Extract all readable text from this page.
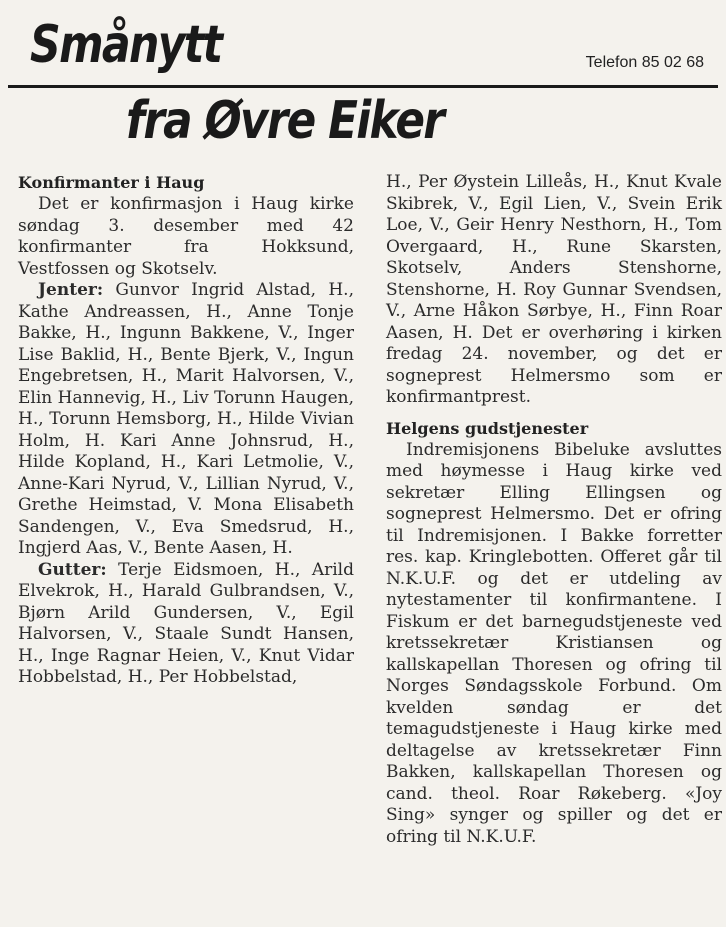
Smånytt	Telefon 85 02 68
fra Øvre Eiker
Konfirmanter i Haug

Det er konfirmasjon i Haug kirke søndag 3. desember med 42 konfirmanter fra Hokksund, Vestfossen og Skotselv.

Jenter: Gunvor Ingrid Alstad, H., Kathe Andreassen, H., Anne Tonje Bakke, H., Ingunn Bakkene, V., Inger Lise Baklid, H., Bente Bjerk, V., Ingun Engebretsen, H., Marit Halvorsen, V., Elin Hannevig, H., Liv Torunn Haugen, H., Torunn Hemsborg, H., Hilde Vivian Holm, H. Kari Anne Johnsrud, H., Hilde Kopland, H., Kari Letmolie, V., Anne-Kari Nyrud, V., Lillian Nyrud, V., Grethe Heimstad, V. Mona Elisabeth Sandengen, V., Eva Smedsrud, H., Ingjerd Aas, V., Bente Aasen, H.

Gutter: Terje Eidsmoen, H., Arild Elvekrok, H., Harald Gulbrandsen, V., Bjørn Arild Gundersen, V., Egil Halvorsen, V., Staale Sundt Hansen, H., Inge Ragnar Heien, V., Knut Vidar Hobbelstad, H., Per Hobbelstad,

H., Per Øystein Lilleås, H., Knut Kvale Skibrek, V., Egil Lien, V., Svein Erik Loe, V., Geir Henry Nesthorn, H., Tom Overgaard, H., Rune Skarsten, Skotselv, Anders Stenshorne, Stenshorne, H. Roy Gunnar Svendsen, V., Arne Håkon Sørbye, H., Finn Roar Aasen, H. Det er overhøring i kirken fredag 24. november, og det er sogneprest Helmersmo som er konfirmantprest.

Helgens gudstjenester

Indremisjonens Bibeluke avsluttes med høymesse i Haug kirke ved sekretær Elling Ellingsen og sogneprest Helmersmo. Det er ofring til Indremisjonen. I Bakke forretter res. kap. Kringlebotten. Offeret går til N.K.U.F. og det er utdeling av nytestamenter til konfirmantene. I Fiskum er det barnegudstjeneste ved kretssekretær Kristiansen og kallskapellan Thoresen og ofring til Norges Søndagsskole Forbund. Om kvelden søndag er det temagudstjeneste i Haug kirke med deltagelse av kretssekretær Finn Bakken, kallskapellan Thoresen og cand. theol. Roar Røkeberg. «Joy Sing» synger og spiller og det er ofring til N.K.U.F.
